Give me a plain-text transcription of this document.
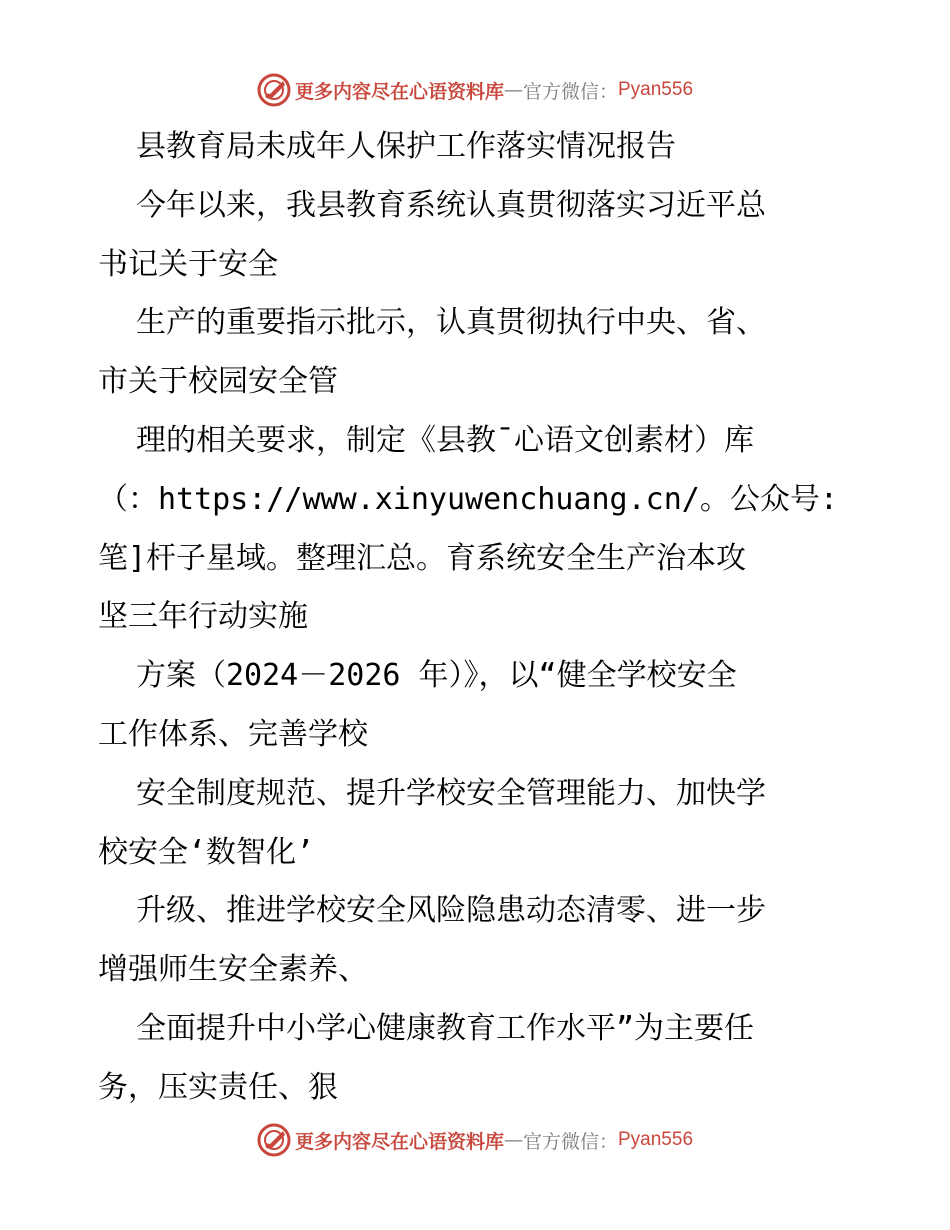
更多内容尽在心语资料库 — 官方微信： Pyan556
县教育局未成年人保护工作落实情况报告
今年以来，我县教育系统认真贯彻落实习近平总
书记关于安全
生产的重要指示批示，认真贯彻执行中央、省、
市关于校园安全管
理的相关要求，制定《县教¯心语文创素材）库
（：https://www.xinyuwenchuang.cn/。公众号:
笔]杆子星域。整理汇总。育系统安全生产治本攻
坚三年行动实施
方案（2024－2026 年）》，以“健全学校安全
工作体系、完善学校
安全制度规范、提升学校安全管理能力、加快学
校安全‘数智化’
升级、推进学校安全风险隐患动态清零、进一步
增强师生安全素养、
全面提升中小学心健康教育工作水平”为主要任
务，压实责任、狠
更多内容尽在心语资料库 — 官方微信： Pyan556
